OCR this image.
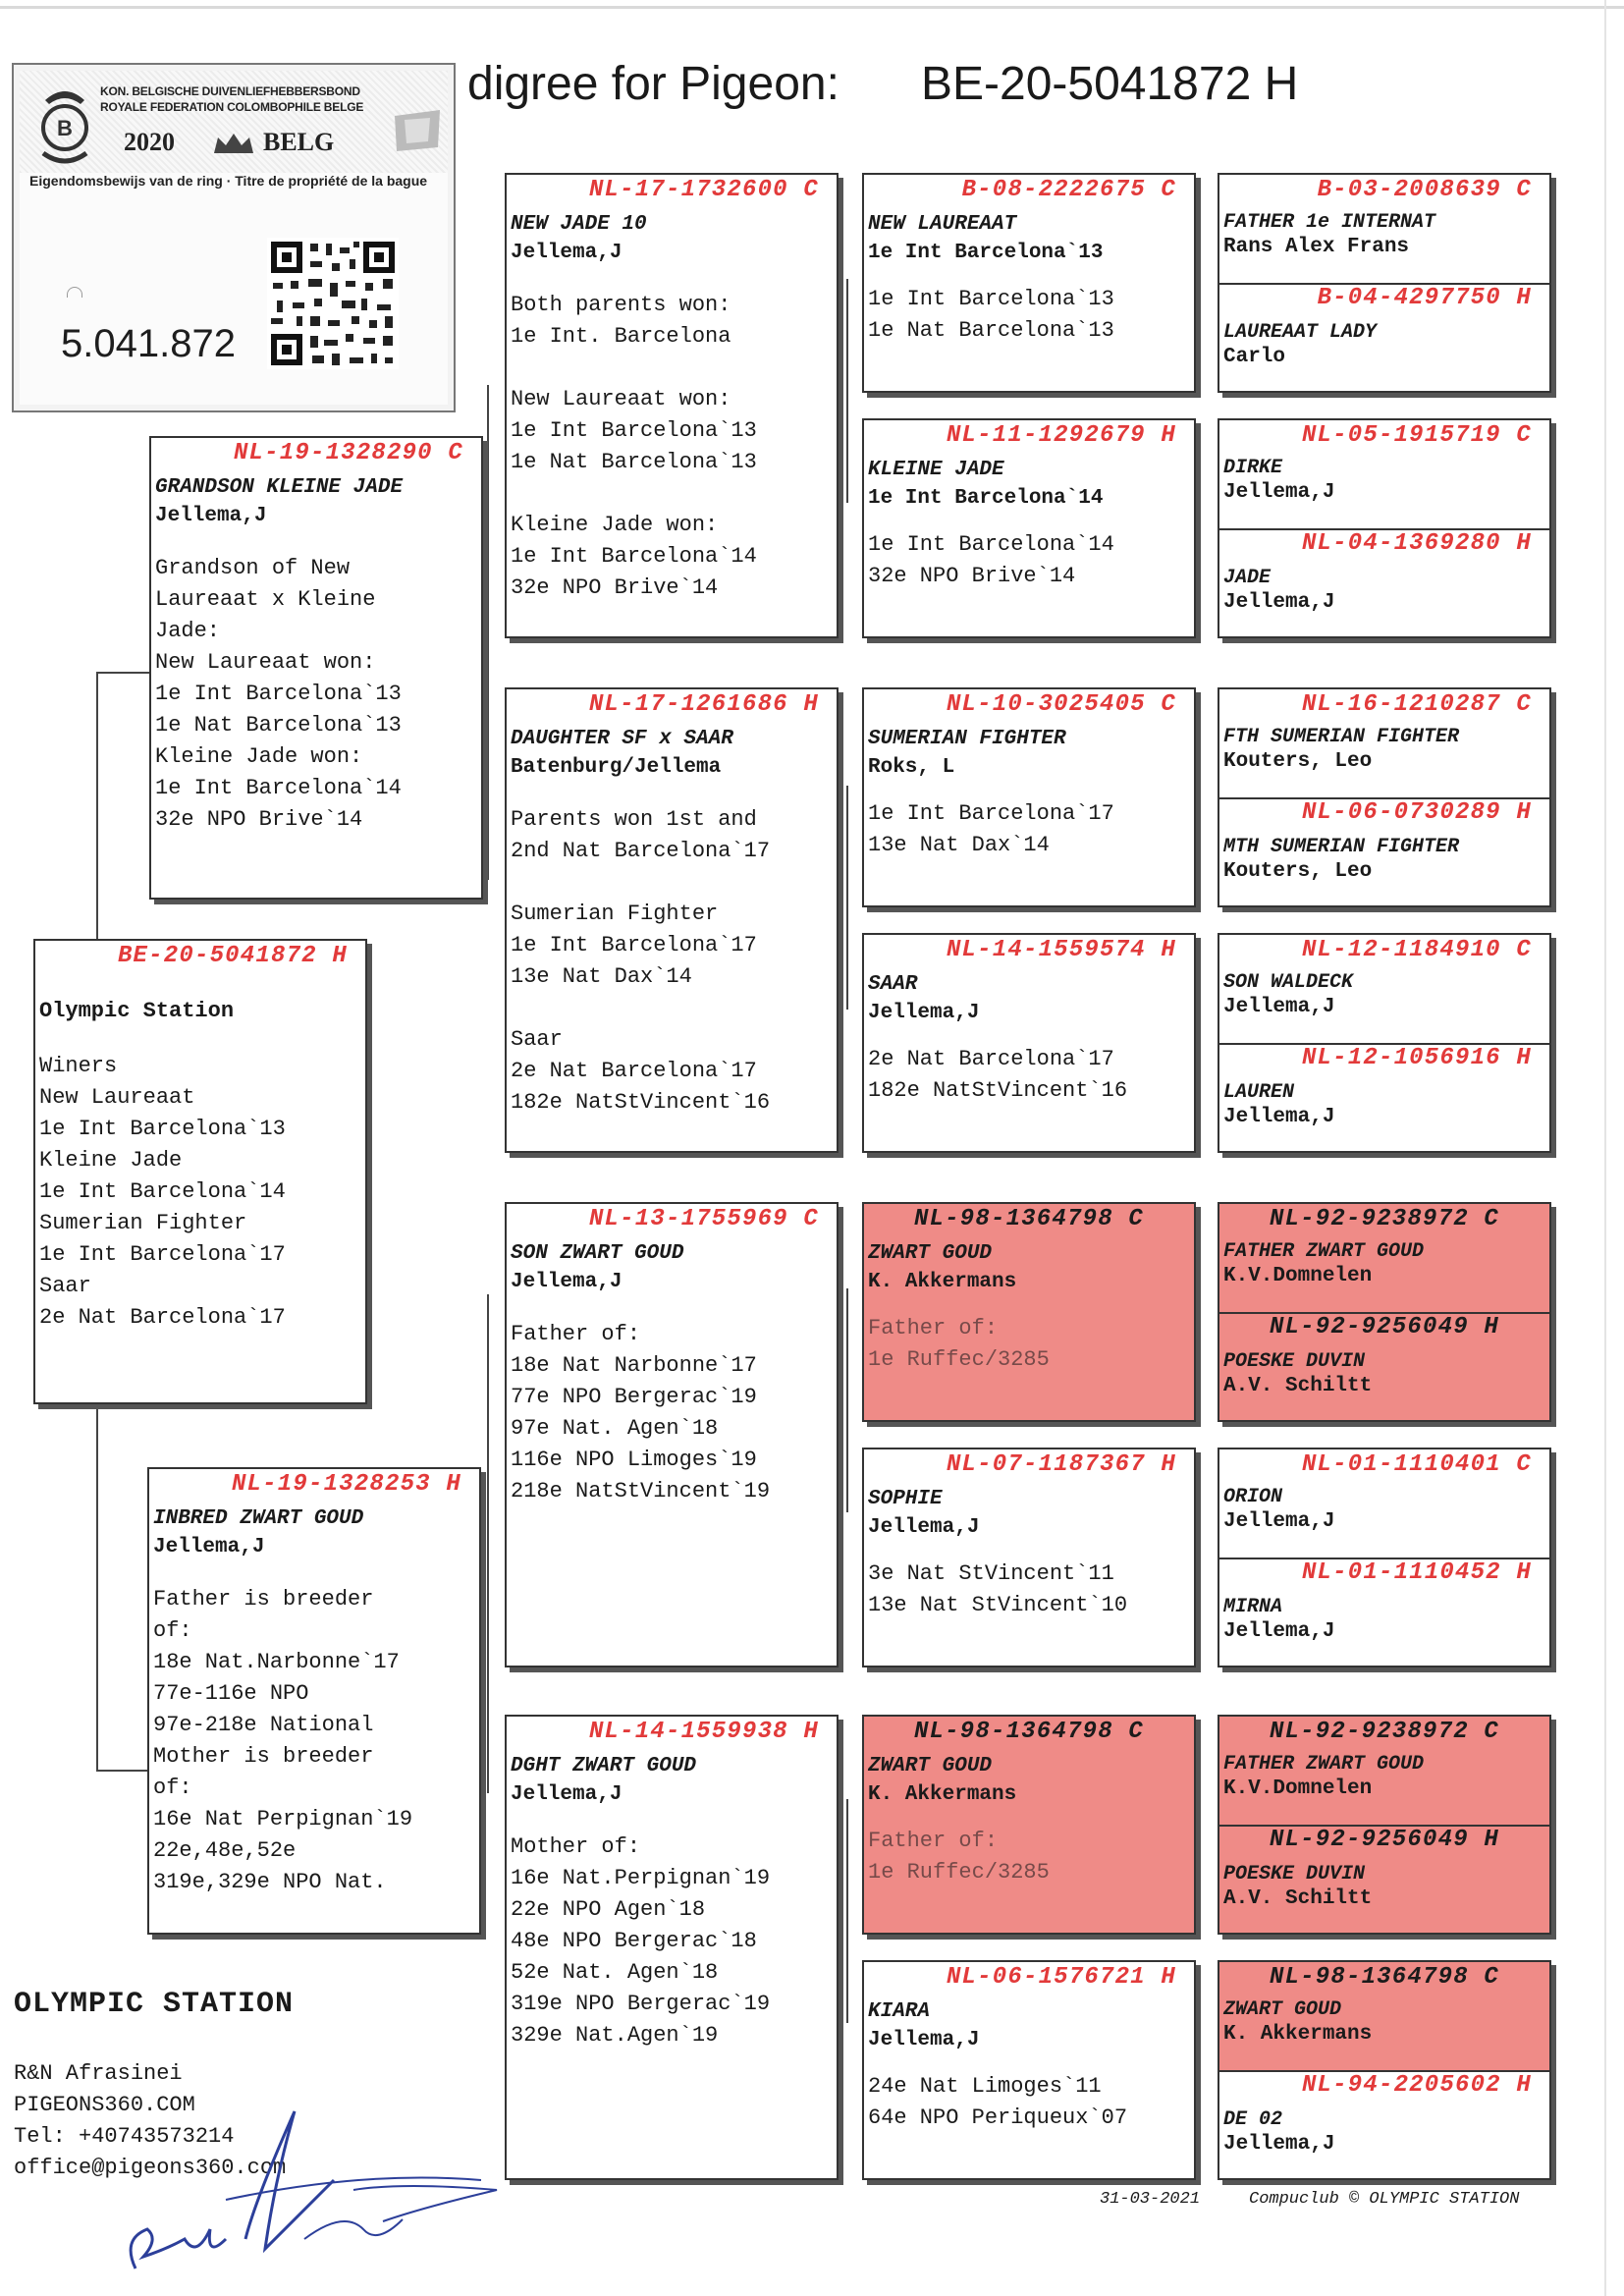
B
KON. BELGISCHE DUIVENLIEFHEBBERSBOND
ROYALE FEDERATION COLOMBOPHILE BELGE
2020	BELG
Eigendomsbewijs van de ring · Titre de propriété de la bague
5.041.872
digree for Pigeon: BE-20-5041872 H
BE-20-5041872 H
Olympic Station
Winers
New Laureaat
1e Int Barcelona`13
Kleine Jade
1e Int Barcelona`14
Sumerian Fighter
1e Int Barcelona`17
Saar
2e Nat Barcelona`17
NL-19-1328290 C
GRANDSON KLEINE JADE
Jellema,J
Grandson of New
Laureaat x Kleine
Jade:
New Laureaat won:
1e Int Barcelona`13
1e Nat Barcelona`13
Kleine Jade won:
1e Int Barcelona`14
32e NPO Brive`14
NL-19-1328253 H
INBRED ZWART GOUD
Jellema,J
Father is breeder
of:
18e Nat.Narbonne`17
77e-116e NPO
97e-218e National
Mother is breeder
of:
16e Nat Perpignan`19
22e,48e,52e
319e,329e NPO Nat.
NL-17-1732600 C
NEW JADE 10
Jellema,J
Both parents won:
1e Int. Barcelona

New Laureaat won:
1e Int Barcelona`13
1e Nat Barcelona`13

Kleine Jade won:
1e Int Barcelona`14
32e NPO Brive`14
NL-17-1261686 H
DAUGHTER SF x SAAR
Batenburg/Jellema
Parents won 1st and
2nd Nat Barcelona`17

Sumerian Fighter
1e Int Barcelona`17
13e Nat Dax`14

Saar
2e Nat Barcelona`17
182e NatStVincent`16
NL-13-1755969 C
SON ZWART GOUD
Jellema,J
Father of:
18e Nat Narbonne`17
77e NPO Bergerac`19
97e Nat. Agen`18
116e NPO Limoges`19
218e NatStVincent`19
NL-14-1559938 H
DGHT ZWART GOUD
Jellema,J
Mother of:
16e Nat.Perpignan`19
22e NPO Agen`18
48e NPO Bergerac`18
52e Nat. Agen`18
319e NPO Bergerac`19
329e Nat.Agen`19
B-08-2222675 C
NEW LAUREAAT
1e Int Barcelona`13
1e Int Barcelona`13
1e Nat Barcelona`13
NL-11-1292679 H
KLEINE JADE
1e Int Barcelona`14
1e Int Barcelona`14
32e NPO Brive`14
NL-10-3025405 C
SUMERIAN FIGHTER
Roks, L
1e Int Barcelona`17
13e Nat Dax`14
NL-14-1559574 H
SAAR
Jellema,J
2e Nat Barcelona`17
182e NatStVincent`16
NL-98-1364798 C
ZWART GOUD
K. Akkermans
Father of:
1e Ruffec/3285
NL-07-1187367 H
SOPHIE
Jellema,J
3e Nat StVincent`11
13e Nat StVincent`10
NL-98-1364798 C
ZWART GOUD
K. Akkermans
Father of:
1e Ruffec/3285
NL-06-1576721 H
KIARA
Jellema,J
24e Nat Limoges`11
64e NPO Periqueux`07
B-03-2008639 C
FATHER 1e INTERNAT
Rans Alex Frans
B-04-4297750 H
LAUREAAT LADY
Carlo
NL-05-1915719 C
DIRKE
Jellema,J
NL-04-1369280 H
JADE
Jellema,J
NL-16-1210287 C
FTH SUMERIAN FIGHTER
Kouters, Leo
NL-06-0730289 H
MTH SUMERIAN FIGHTER
Kouters, Leo
NL-12-1184910 C
SON WALDECK
Jellema,J
NL-12-1056916 H
LAUREN
Jellema,J
NL-92-9238972 C
FATHER ZWART GOUD
K.V.Domnelen
NL-92-9256049 H
POESKE DUVIN
A.V. Schiltt
NL-01-1110401 C
ORION
Jellema,J
NL-01-1110452 H
MIRNA
Jellema,J
NL-92-9238972 C
FATHER ZWART GOUD
K.V.Domnelen
NL-92-9256049 H
POESKE DUVIN
A.V. Schiltt
NL-98-1364798 C
ZWART GOUD
K. Akkermans
NL-94-2205602 H
DE 02
Jellema,J
OLYMPIC STATION
R&N Afrasinei
PIGEONS360.COM
Tel: +40743573214
office@pigeons360.com
31-03-2021	Compuclub © OLYMPIC STATION
